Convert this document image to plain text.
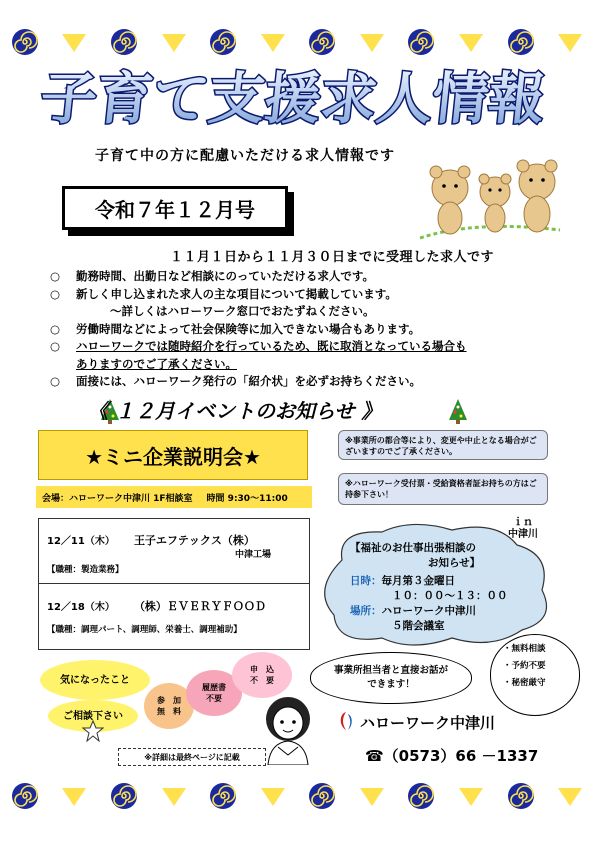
子育て支援求人情報
子育て中の方に配慮いただける求人情報です
令和７年１２月号
１１月１日から１１月３０日までに受理した求人です
○	勤務時間、出勤日など相談にのっていただける求人です。
○	新しく申し込まれた求人の主な項目について掲載しています。
～詳しくはハローワーク窓口でおたずねください。
○	労働時間などによって社会保険等に加入できない場合もあります。
○	ハローワークでは随時紹介を行っているため、既に取消となっている場合も
ありますのでご了承ください。
○	面接には、ハローワーク発行の「紹介状」を必ずお持ちください。
《 １２月イベントのお知らせ 》
★ミニ企業説明会★
会場：ハローワーク中津川 1F相談室 時間 9:30～11:00
※事業所の都合等により、変更や中止となる場合がございますのでご了承ください。
※ハローワーク受付票・受給資格者証お持ちの方はご持参下さい！
12／11（木） 王子エフテックス（株）
中津工場
【職種：製造業務】
12／18（木） （株）ＥＶＥＲＹＦＯＯＤ
【職種：調理パート、調理師、栄養士、調理補助】
ｉｎ
中津川
【福祉のお仕事出張相談の
お知らせ】
日時：毎月第３金曜日
１０：００～１３：００
場所：ハローワーク中津川
５階会議室
・無料相談
・予約不要
・秘密厳守
気になったこと
ご相談下さい
参　加
無　料
履歴書
不要
申　込
不　要
※詳細は最終ページに記載
事業所担当者と直接お話が
できます！
ハローワーク中津川
☎（0573）66 －1337
